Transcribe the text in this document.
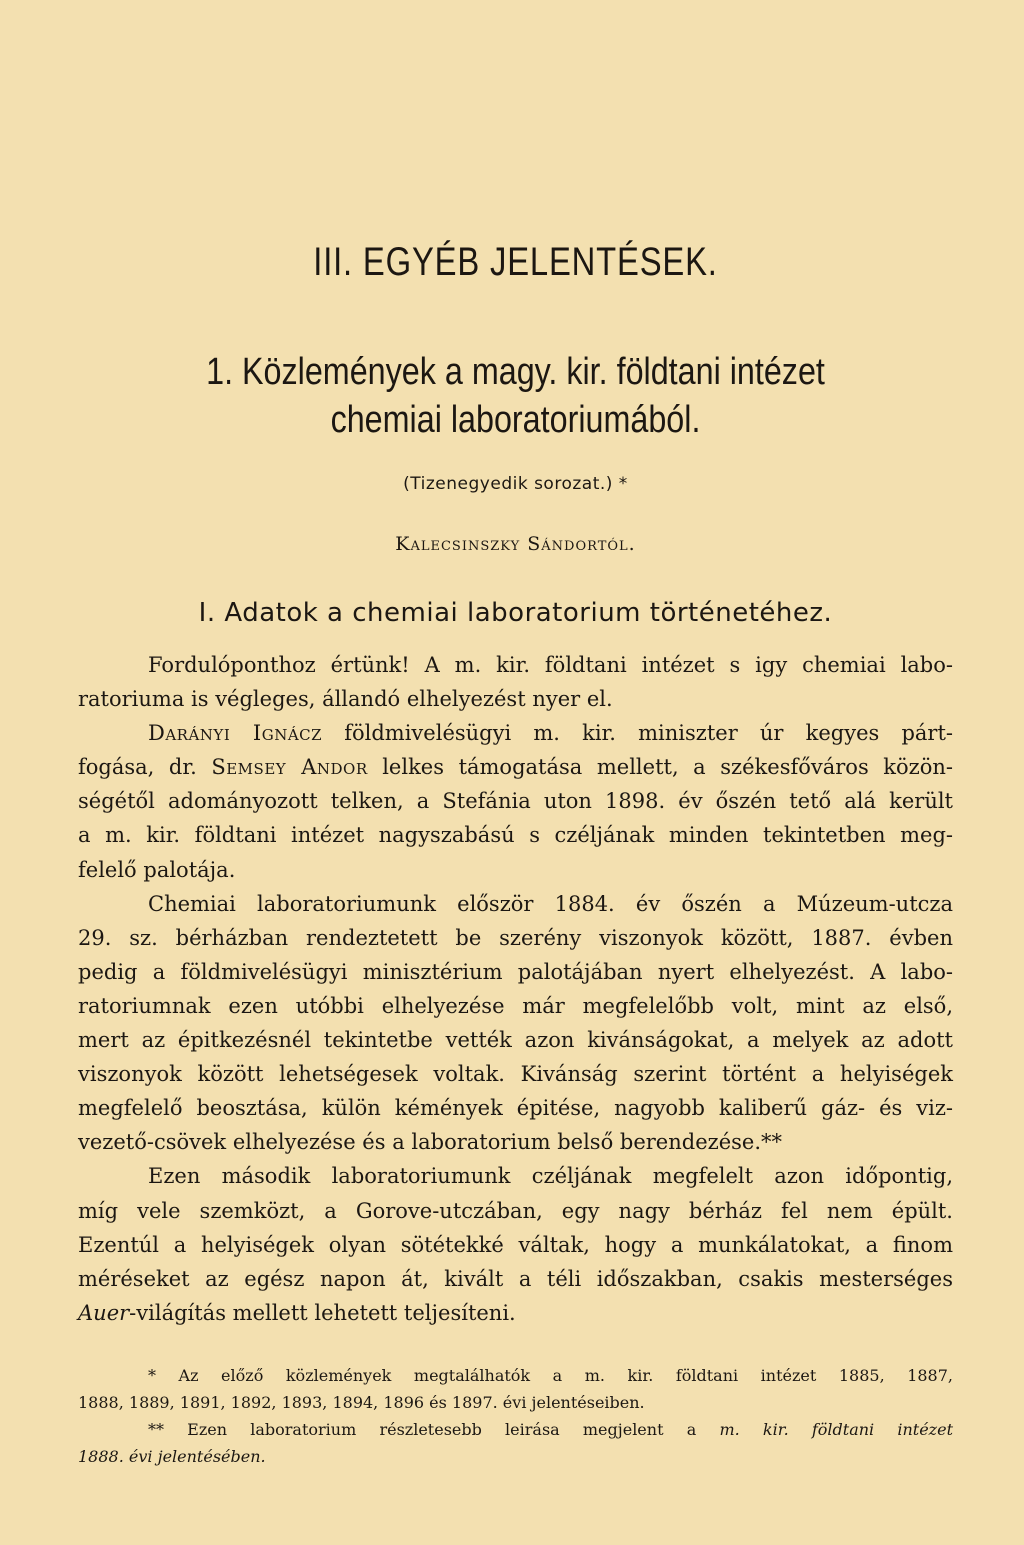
III. EGYÉB JELENTÉSEK.
1. Közlemények a magy. kir. földtani intézet
chemiai laboratoriumából.
(Tizenegyedik sorozat.) *
Kalecsinszky Sándortól.
I. Adatok a chemiai laboratorium történetéhez.
Fordulóponthoz értünk! A m. kir. földtani intézet s igy chemiai labo-
ratoriuma is végleges, állandó elhelyezést nyer el.
Darányi Ignácz földmivelésügyi m. kir. miniszter úr kegyes párt-
fogása, dr. Semsey Andor lelkes támogatása mellett, a székesfőváros közön-
ségétől adományozott telken, a Stefánia uton 1898. év őszén tető alá került
a m. kir. földtani intézet nagyszabású s czéljának minden tekintetben meg-
felelő palotája.
Chemiai laboratoriumunk először 1884. év őszén a Múzeum-utcza
29. sz. bérházban rendeztetett be szerény viszonyok között, 1887. évben
pedig a földmivelésügyi minisztérium palotájában nyert elhelyezést. A labo-
ratoriumnak ezen utóbbi elhelyezése már megfelelőbb volt, mint az első,
mert az épitkezésnél tekintetbe vették azon kivánságokat, a melyek az adott
viszonyok között lehetségesek voltak. Kivánság szerint történt a helyiségek
megfelelő beosztása, külön kémények épitése, nagyobb kaliberű gáz- és viz-
vezető-csövek elhelyezése és a laboratorium belső berendezése.**
Ezen második laboratoriumunk czéljának megfelelt azon időpontig,
míg vele szemközt, a Gorove-utczában, egy nagy bérház fel nem épült.
Ezentúl a helyiségek olyan sötétekké váltak, hogy a munkálatokat, a finom
méréseket az egész napon át, kivált a téli időszakban, csakis mesterséges
Auer-világítás mellett lehetett teljesíteni.
* Az előző közlemények megtalálhatók a m. kir. földtani intézet 1885, 1887,
1888, 1889, 1891, 1892, 1893, 1894, 1896 és 1897. évi jelentéseiben.
** Ezen laboratorium részletesebb leirása megjelent a m. kir. földtani intézet
1888. évi jelentésében.
